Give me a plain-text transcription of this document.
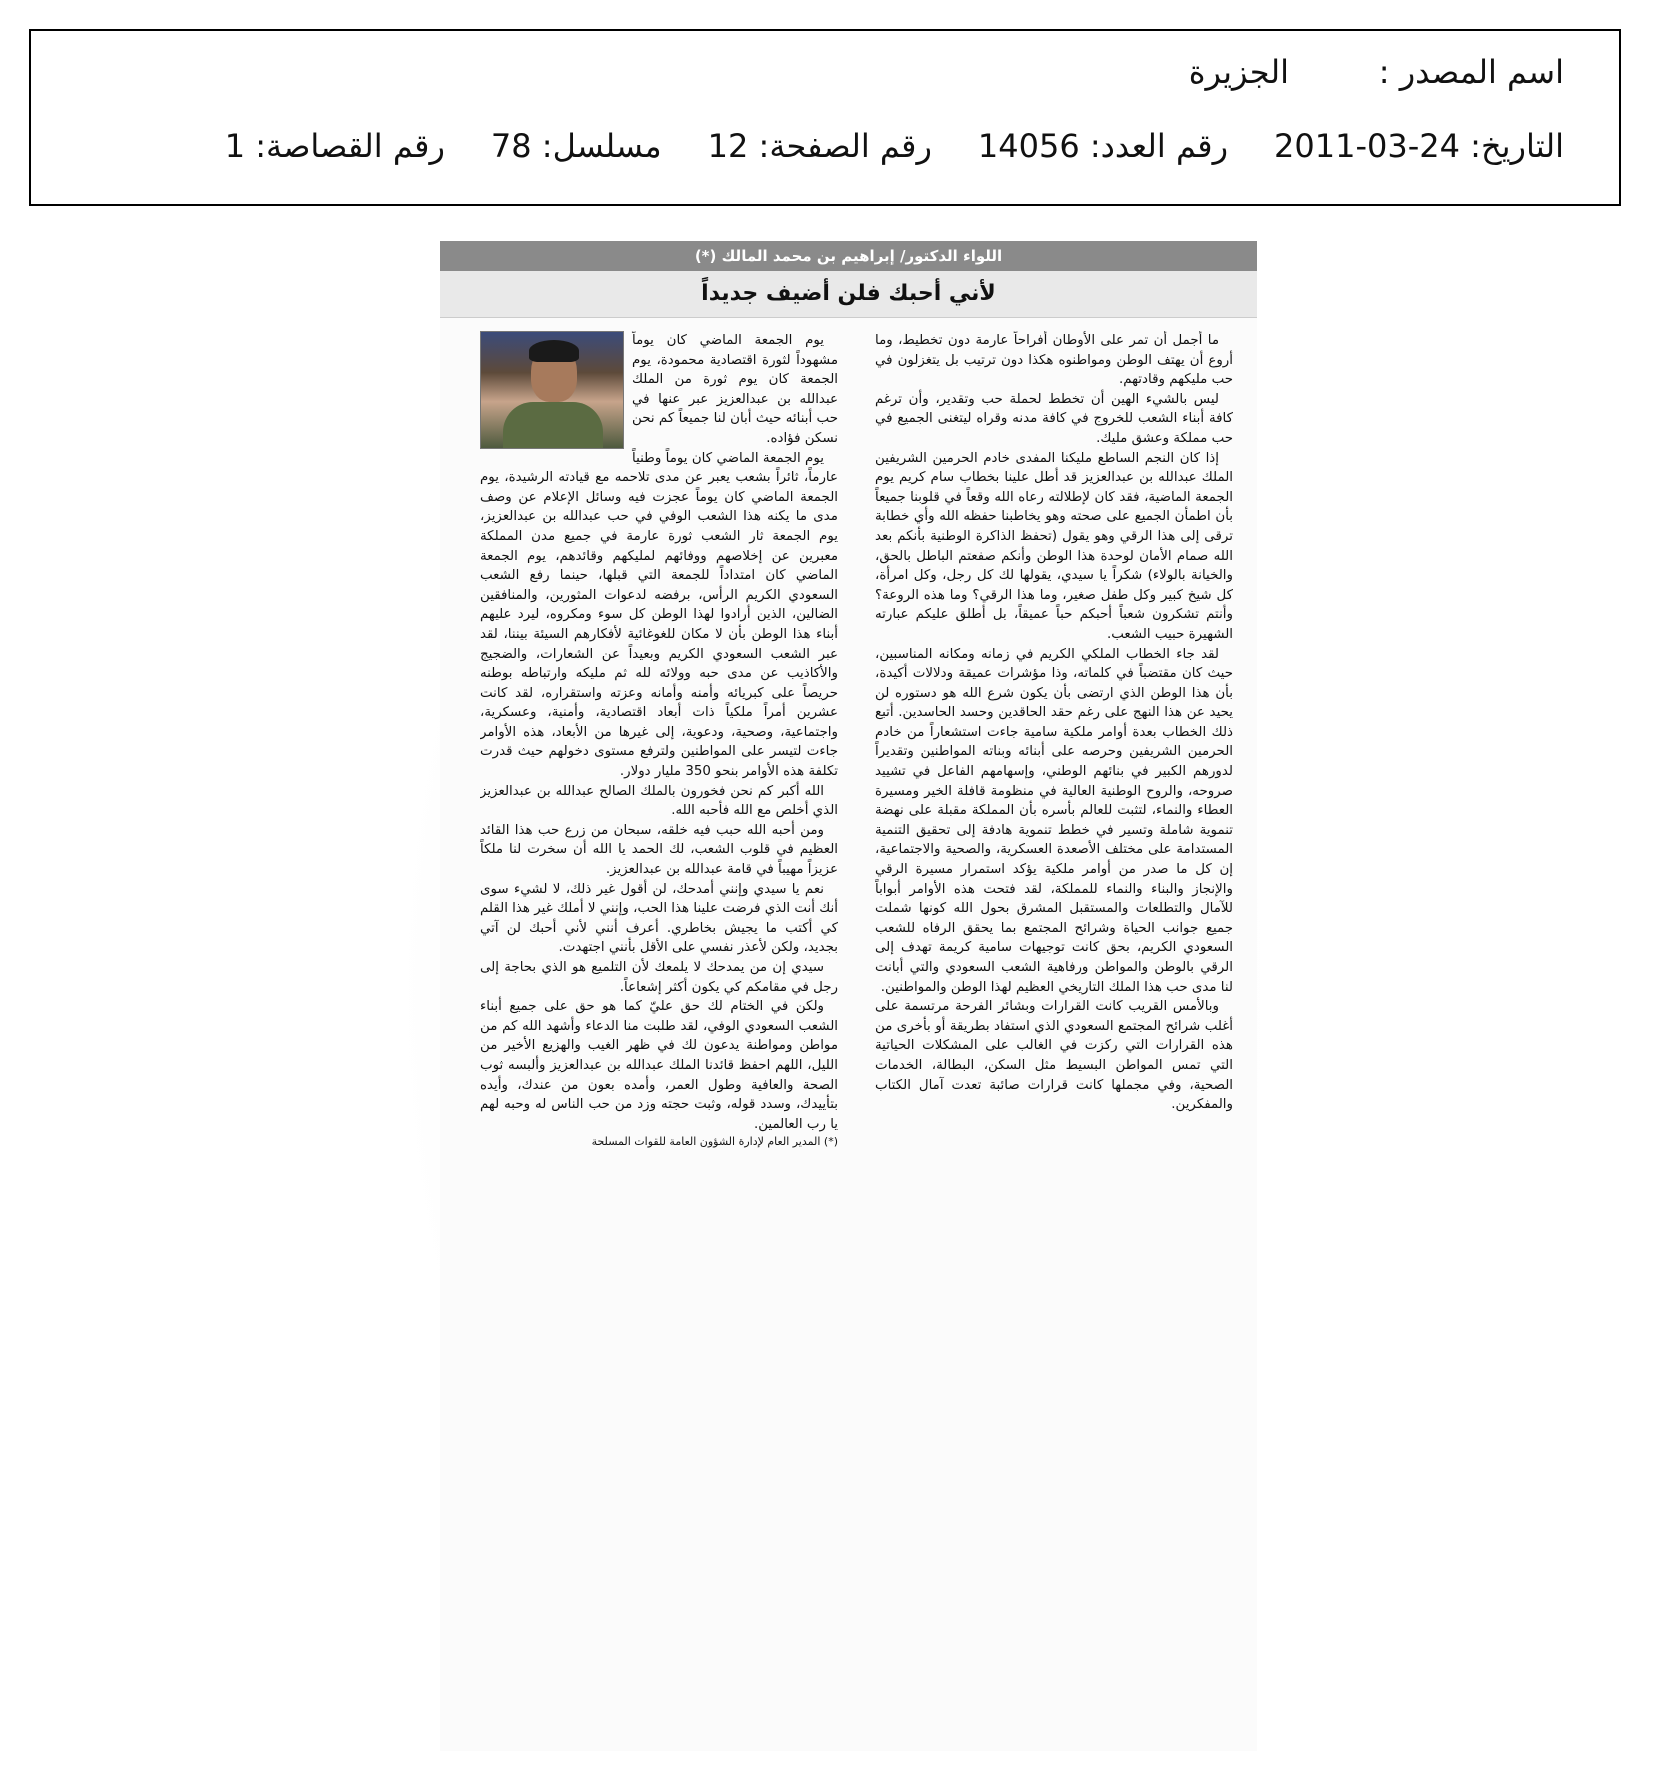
اسم المصدر :
الجزيرة
التاريخ: 24-03-2011
رقم العدد: 14056
رقم الصفحة: 12
مسلسل: 78
رقم القصاصة: 1
اللواء الدكتور/ إبراهيم بن محمد المالك (*)
لأني أحبك فلن أضيف جديداً

ما أجمل أن تمر على الأوطان أفراحاً عارمة دون تخطيط، وما أروع أن يهتف الوطن ومواطنوه هكذا دون ترتيب بل يتغزلون في حب مليكهم وقادتهم.

ليس بالشيء الهين أن تخطط لحملة حب وتقدير، وأن ترغم كافة أبناء الشعب للخروج في كافة مدنه وقراه ليتغنى الجميع في حب مملكة وعشق مليك.

إذا كان النجم الساطع مليكنا المفدى خادم الحرمين الشريفين الملك عبدالله بن عبدالعزيز قد أطل علينا بخطاب سام كريم يوم الجمعة الماضية، فقد كان لإطلالته رعاه الله وقعاً في قلوبنا جميعاً بأن اطمأن الجميع على صحته وهو يخاطبنا حفظه الله وأي خطابة ترقى إلى هذا الرقي وهو يقول (تحفظ الذاكرة الوطنية بأنكم بعد الله صمام الأمان لوحدة هذا الوطن وأنكم صفعتم الباطل بالحق، والخيانة بالولاء) شكراً يا سيدي، يقولها لك كل رجل، وكل امرأة، كل شيخ كبير وكل طفل صغير، وما هذا الرقي؟ وما هذه الروعة؟ وأنتم تشكرون شعباً أحبكم حباً عميقاً، بل أطلق عليكم عبارته الشهيرة حبيب الشعب.

لقد جاء الخطاب الملكي الكريم في زمانه ومكانه المناسبين، حيث كان مقتضباً في كلماته، وذا مؤشرات عميقة ودلالات أكيدة، بأن هذا الوطن الذي ارتضى بأن يكون شرع الله هو دستوره لن يحيد عن هذا النهج على رغم حقد الحاقدين وحسد الحاسدين. أتبع ذلك الخطاب بعدة أوامر ملكية سامية جاءت استشعاراً من خادم الحرمين الشريفين وحرصه على أبنائه وبناته المواطنين وتقديراً لدورهم الكبير في بنائهم الوطني، وإسهامهم الفاعل في تشييد صروحه، والروح الوطنية العالية في منظومة قافلة الخير ومسيرة العطاء والنماء، لتثبت للعالم بأسره بأن المملكة مقبلة على نهضة تنموية شاملة وتسير في خطط تنموية هادفة إلى تحقيق التنمية المستدامة على مختلف الأصعدة العسكرية، والصحية والاجتماعية، إن كل ما صدر من أوامر ملكية يؤكد استمرار مسيرة الرقي والإنجاز والبناء والنماء للمملكة، لقد فتحت هذه الأوامر أبواباً للآمال والتطلعات والمستقبل المشرق بحول الله كونها شملت جميع جوانب الحياة وشرائح المجتمع بما يحقق الرفاه للشعب السعودي الكريم، بحق كانت توجيهات سامية كريمة تهدف إلى الرقي بالوطن والمواطن ورفاهية الشعب السعودي والتي أبانت لنا مدى حب هذا الملك التاريخي العظيم لهذا الوطن والمواطنين.

وبالأمس القريب كانت القرارات وبشائر الفرحة مرتسمة على أغلب شرائح المجتمع السعودي الذي استفاد بطريقة أو بأخرى من هذه القرارات التي ركزت في الغالب على المشكلات الحياتية التي تمس المواطن البسيط مثل السكن، البطالة، الخدمات الصحية، وفي مجملها كانت قرارات صائبة تعدت آمال الكتاب والمفكرين.

يوم الجمعة الماضي كان يوماً مشهوداً لثورة اقتصادية محمودة، يوم الجمعة كان يوم ثورة من الملك عبدالله بن عبدالعزيز عبر عنها في حب أبنائه حيث أبان لنا جميعاً كم نحن نسكن فؤاده.

يوم الجمعة الماضي كان يوماً وطنياً عارماً، ثائراً بشعب يعبر عن مدى تلاحمه مع قيادته الرشيدة، يوم الجمعة الماضي كان يوماً عجزت فيه وسائل الإعلام عن وصف مدى ما يكنه هذا الشعب الوفي في حب عبدالله بن عبدالعزيز، يوم الجمعة ثار الشعب ثورة عارمة في جميع مدن المملكة معبرين عن إخلاصهم ووفائهم لمليكهم وقائدهم، يوم الجمعة الماضي كان امتداداً للجمعة التي قبلها، حينما رفع الشعب السعودي الكريم الرأس، برفضه لدعوات المثورين، والمنافقين الضالين، الذين أرادوا لهذا الوطن كل سوء ومكروه، ليرد عليهم أبناء هذا الوطن بأن لا مكان للغوغائية لأفكارهم السيئة بيننا، لقد عبر الشعب السعودي الكريم وبعيداً عن الشعارات، والضجيج والأكاذيب عن مدى حبه وولائه لله ثم مليكه وارتباطه بوطنه حريصاً على كبريائه وأمنه وأمانه وعزته واستقراره، لقد كانت عشرين أمراً ملكياً ذات أبعاد اقتصادية، وأمنية، وعسكرية، واجتماعية، وصحية، ودعوية، إلى غيرها من الأبعاد، هذه الأوامر جاءت لتيسر على المواطنين ولترفع مستوى دخولهم حيث قدرت تكلفة هذه الأوامر بنحو 350 مليار دولار.

الله أكبر كم نحن فخورون بالملك الصالح عبدالله بن عبدالعزيز الذي أخلص مع الله فأحبه الله.

ومن أحبه الله حبب فيه خلقه، سبحان من زرع حب هذا القائد العظيم في قلوب الشعب، لك الحمد يا الله أن سخرت لنا ملكاً عزيزاً مهيباً في قامة عبدالله بن عبدالعزيز.

نعم يا سيدي وإنني أمدحك، لن أقول غير ذلك، لا لشيء سوى أنك أنت الذي فرضت علينا هذا الحب، وإنني لا أملك غير هذا القلم كي أكتب ما يجيش بخاطري. أعرف أنني لأني أحبك لن آتي بجديد، ولكن لأعذر نفسي على الأقل بأنني اجتهدت.

سيدي إن من يمدحك لا يلمعك لأن التلميع هو الذي بحاجة إلى رجل في مقامكم كي يكون أكثر إشعاعاً.

ولكن في الختام لك حق عليّ كما هو حق على جميع أبناء الشعب السعودي الوفي، لقد طلبت منا الدعاء وأشهد الله كم من مواطن ومواطنة يدعون لك في ظهر الغيب والهزيع الأخير من الليل، اللهم احفظ قائدنا الملك عبدالله بن عبدالعزيز وألبسه ثوب الصحة والعافية وطول العمر، وأمده بعون من عندك، وأيده بتأييدك، وسدد قوله، وثبت حجته وزد من حب الناس له وحبه لهم يا رب العالمين.

(*) المدير العام لإدارة الشؤون العامة للقوات المسلحة
